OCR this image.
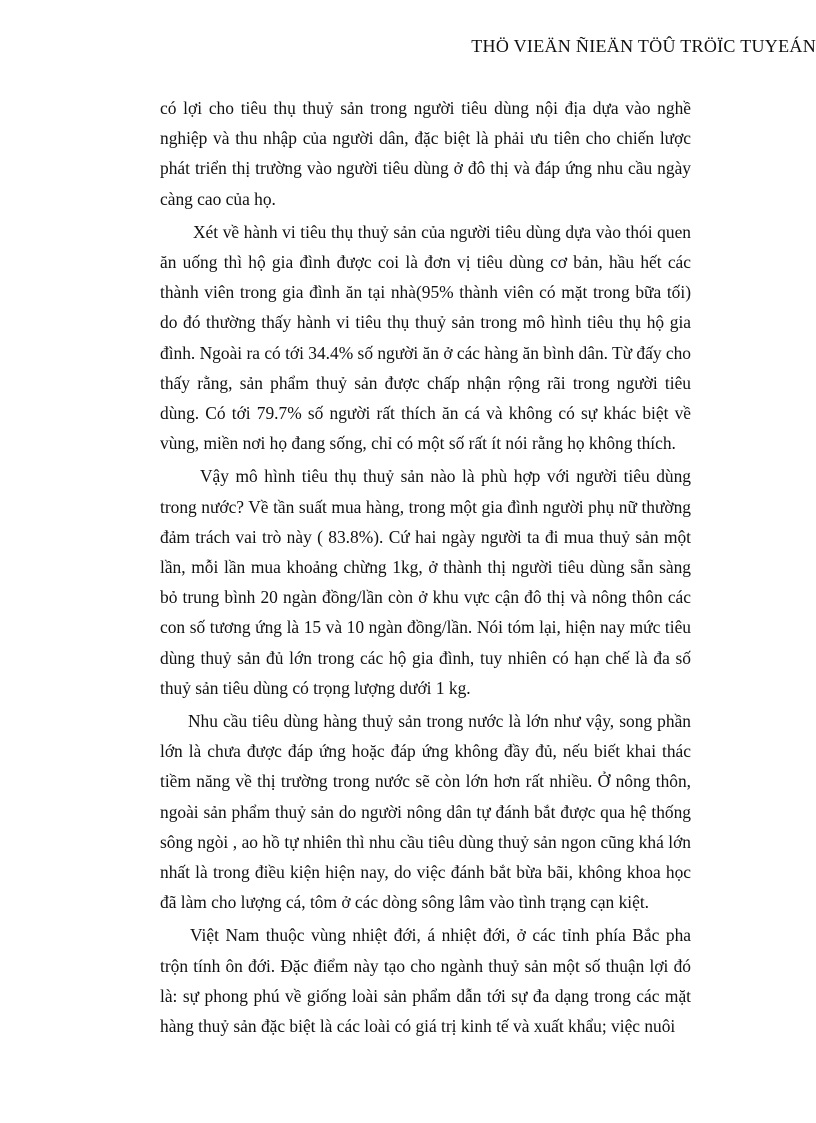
THÖ VIEÄN ÑIEÄN TÖÛ TRÖÏC TUYEÁN

có lợi cho tiêu thụ thuỷ sản trong người tiêu dùng nội địa dựa vào nghề nghiệp và thu nhập của người dân, đặc biệt là phải ưu tiên cho chiến lược phát triển thị trường vào người tiêu dùng ở đô thị và đáp ứng nhu cầu ngày càng cao của họ.

Xét về hành vi tiêu thụ thuỷ sản của người tiêu dùng dựa vào thói quen ăn uống thì hộ gia đình được coi là đơn vị tiêu dùng cơ bản, hầu hết các thành viên trong gia đình ăn tại nhà(95% thành viên có mặt trong bữa tối) do đó thường thấy hành vi tiêu thụ thuỷ sản trong mô hình tiêu thụ hộ gia đình. Ngoài ra có tới 34.4% số người ăn ở các hàng ăn bình dân. Từ đấy cho thấy rằng, sản phẩm thuỷ sản được chấp nhận rộng rãi trong người tiêu dùng. Có tới 79.7% số người rất thích ăn cá và không có sự khác biệt về vùng, miền nơi họ đang sống, chỉ có một số rất ít nói rằng họ không thích.

Vậy mô hình tiêu thụ thuỷ sản nào là phù hợp với người tiêu dùng trong nước? Về tần suất mua hàng, trong một gia đình người phụ nữ thường đảm trách vai trò này ( 83.8%). Cứ hai ngày người ta đi mua thuỷ sản một lần, mỗi lần mua khoảng chừng 1kg, ở thành thị người tiêu dùng sẵn sàng bỏ trung bình 20 ngàn đồng/lần còn ở khu vực cận đô thị và nông thôn các con số tương ứng là 15 và 10 ngàn đồng/lần. Nói tóm lại, hiện nay mức tiêu dùng thuỷ sản đủ lớn trong các hộ gia đình, tuy nhiên có hạn chế là đa số thuỷ sản tiêu dùng có trọng lượng dưới 1 kg.

Nhu cầu tiêu dùng hàng thuỷ sản trong nước là lớn như vậy, song phần lớn là chưa được đáp ứng hoặc đáp ứng không đầy đủ, nếu biết khai thác tiềm năng về thị trường trong nước sẽ còn lớn hơn rất nhiều. Ở nông thôn, ngoài sản phẩm thuỷ sản do người nông dân tự đánh bắt được qua hệ thống sông ngòi , ao hồ tự nhiên thì nhu cầu tiêu dùng thuỷ sản ngon cũng khá lớn nhất là trong điều kiện hiện nay, do việc đánh bắt bừa bãi, không khoa học đã làm cho lượng cá, tôm ở các dòng sông lâm vào tình trạng cạn kiệt.

Việt Nam thuộc vùng nhiệt đới, á nhiệt đới, ở các tỉnh phía Bắc pha trộn tính ôn đới. Đặc điểm này tạo cho ngành thuỷ sản một số thuận lợi đó là: sự phong phú về giống loài sản phẩm dẫn tới sự đa dạng trong các mặt hàng thuỷ sản đặc biệt là các loài có giá trị kinh tế và xuất khẩu; việc nuôi
